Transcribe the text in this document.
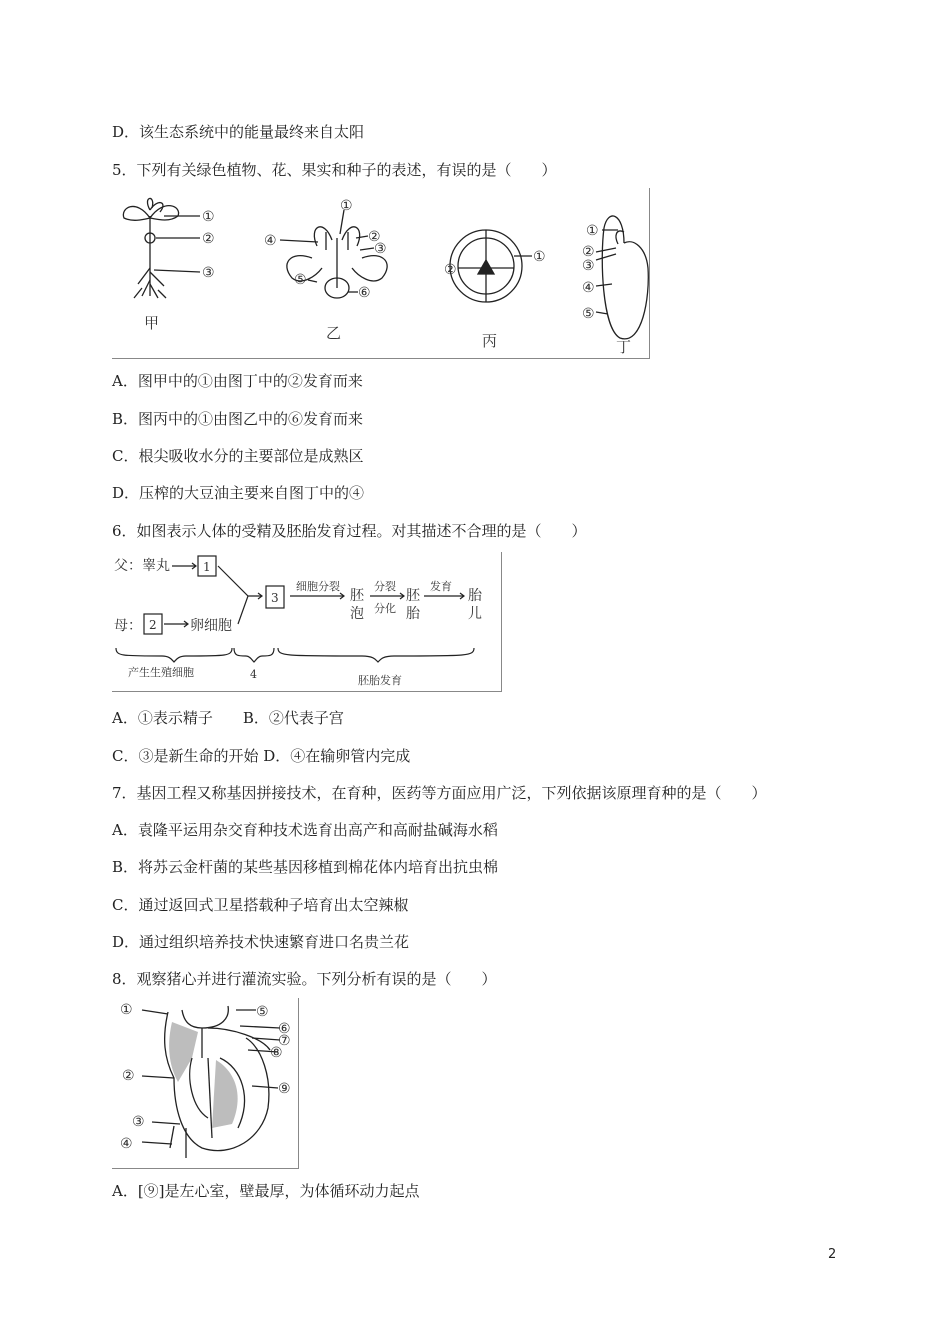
D．该生态系统中的能量最终来自太阳
5．下列有关绿色植物、花、果实和种子的表述，有误的是（　　）
①
②
③
④
①
②
③
⑤
⑥
②
①
①
②
③
④
⑤
甲
乙	丙	丁
A．图甲中的①由图丁中的②发育而来
B．图丙中的①由图乙中的⑥发育而来
C．根尖吸收水分的主要部位是成熟区
D．压榨的大豆油主要来自图丁中的④
6．如图表示人体的受精及胚胎发育过程。对其描述不合理的是（　　）
父：睾丸
母：
1
2
3
卵细胞
细胞分裂	分裂
分化
发育
胚
泡
胚
胎
胎
儿
产生生殖细胞	4	胚胎发育
A．①表示精子　　B．②代表子宫
C．③是新生命的开始 D．④在输卵管内完成
7．基因工程又称基因拼接技术，在育种，医药等方面应用广泛，下列依据该原理育种的是（　　）
A．袁隆平运用杂交育种技术选育出高产和高耐盐碱海水稻
B．将苏云金杆菌的某些基因移植到棉花体内培育出抗虫棉
C．通过返回式卫星搭载种子培育出太空辣椒
D．通过组织培养技术快速繁育进口名贵兰花
8．观察猪心并进行灌流实验。下列分析有误的是（　　）
①
②
③
④
⑤
⑥
⑦
⑧
⑨
A．[⑨]是左心室，壁最厚，为体循环动力起点
2
